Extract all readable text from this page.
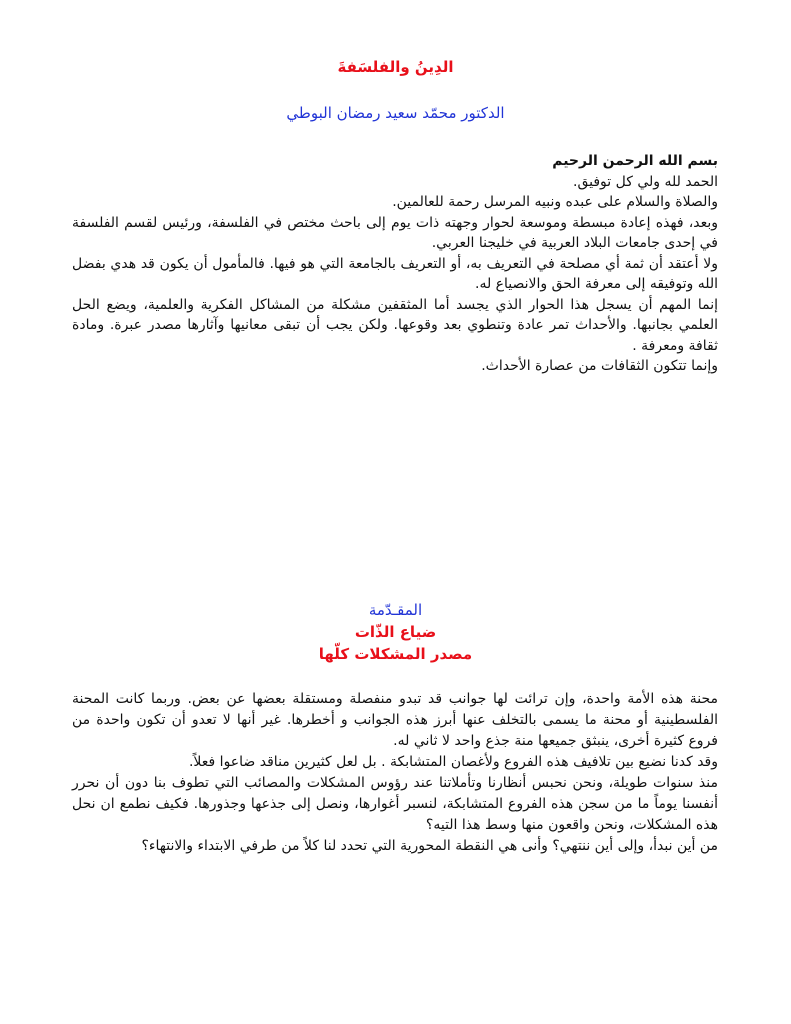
الدِينُ والفلسَفةَ
الدكتور محمّد سعيد رمضان البوطي

بسم الله الرحمن الرحيم

الحمد لله ولي كل توفيق.

والصلاة والسلام على عبده ونبيه المرسل رحمة للعالمين.

وبعد، فهذه إعادة مبسطة وموسعة لحوار وجهته ذات يوم إلى باحث مختص في الفلسفة، ورئيس لقسم الفلسفة في إحدى جامعات البلاد العربية في خليجنا العربي.

ولا أعتقد أن ثمة أي مصلحة في التعريف به، أو التعريف بالجامعة التي هو فيها. فالمأمول أن يكون قد هدي بفضل الله وتوفيقه إلى معرفة الحق والانصياع له.

إنما المهم أن يسجل هذا الحوار الذي يجسد أما المثقفين مشكلة من المشاكل الفكرية والعلمية، ويضع الحل العلمي بجانبها. والأحداث تمر عادة وتنطوي بعد وقوعها. ولكن يجب أن تبقى معانيها وآثارها مصدر عبرة. ومادة ثقافة ومعرفة .

وإنما تتكون الثقافات من عصارة الأحداث.

المقـدّمة
ضياع الذّات
مصدر المشكلات كلّها

محنة هذه الأمة واحدة، وإن ترائت لها جوانب قد تبدو منفصلة ومستقلة بعضها عن بعض. وربما كانت المحنة الفلسطينية أو محنة ما يسمى بالتخلف عنها أبرز هذه الجوانب و أخطرها. غير أنها لا تعدو أن تكون واحدة من فروع كثيرة أخرى، ينبثق جميعها منة جذع واحد لا ثاني له.

وقد كدنا نضيع بين تلافيف هذه الفروع ولأغصان المتشابكة . بل لعل كثيرين مناقد ضاعوا فعلاً.

منذ سنوات طويلة، ونحن نحبس أنظارنا وتأملاتنا عند رؤوس المشكلات والمصائب التي تطوف بنا دون أن نحرر أنفسنا يوماً ما من سجن هذه الفروع المتشابكة، لنسبر أغوارها، ونصل إلى جذعها وجذورها. فكيف نطمع ان نحل هذه المشكلات، ونحن واقعون منها وسط هذا التيه؟

من أين نبدأ، وإلى أين ننتهي؟ وأنى هي النقطة المحورية التي تحدد لنا كلاً من طرفي الابتداء والانتهاء؟
